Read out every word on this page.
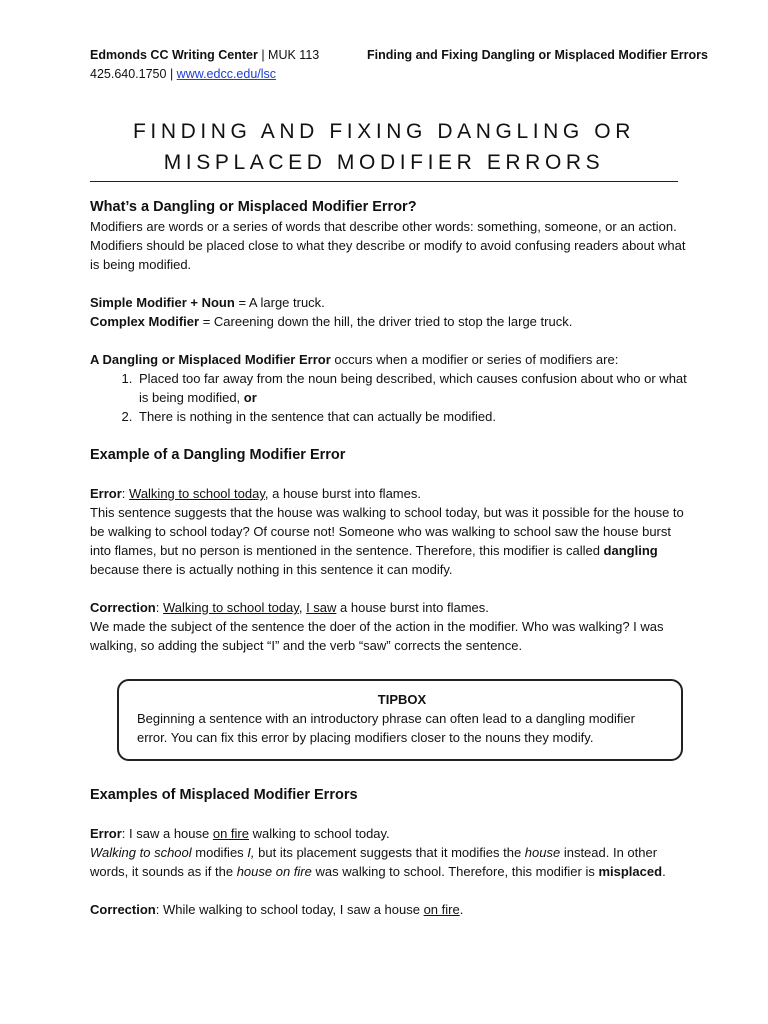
Edmonds CC Writing Center | MUK 113
425.640.1750 | www.edcc.edu/lsc
Finding and Fixing Dangling or Misplaced Modifier Errors
FINDING AND FIXING DANGLING OR
MISPLACED MODIFIER ERRORS
What’s a Dangling or Misplaced Modifier Error?

Modifiers are words or a series of words that describe other words: something, someone, or an action. Modifiers should be placed close to what they describe or modify to avoid confusing readers about what is being modified.

Simple Modifier + Noun = A large truck.

Complex Modifier = Careening down the hill, the driver tried to stop the large truck.

A Dangling or Misplaced Modifier Error occurs when a modifier or series of modifiers are:

1. Placed too far away from the noun being described, which causes confusion about who or what is being modified, or
2. There is nothing in the sentence that can actually be modified.
Example of a Dangling Modifier Error

Error: Walking to school today, a house burst into flames.

This sentence suggests that the house was walking to school today, but was it possible for the house to be walking to school today? Of course not! Someone who was walking to school saw the house burst into flames, but no person is mentioned in the sentence. Therefore, this modifier is called dangling because there is actually nothing in this sentence it can modify.

Correction: Walking to school today, I saw a house burst into flames.

We made the subject of the sentence the doer of the action in the modifier. Who was walking? I was walking, so adding the subject “I” and the verb “saw” corrects the sentence.

TIPBOX
Beginning a sentence with an introductory phrase can often lead to a dangling modifier error. You can fix this error by placing modifiers closer to the nouns they modify.
Examples of Misplaced Modifier Errors

Error: I saw a house on fire walking to school today.

Walking to school modifies I, but its placement suggests that it modifies the house instead. In other words, it sounds as if the house on fire was walking to school. Therefore, this modifier is misplaced.

Correction: While walking to school today, I saw a house on fire.
